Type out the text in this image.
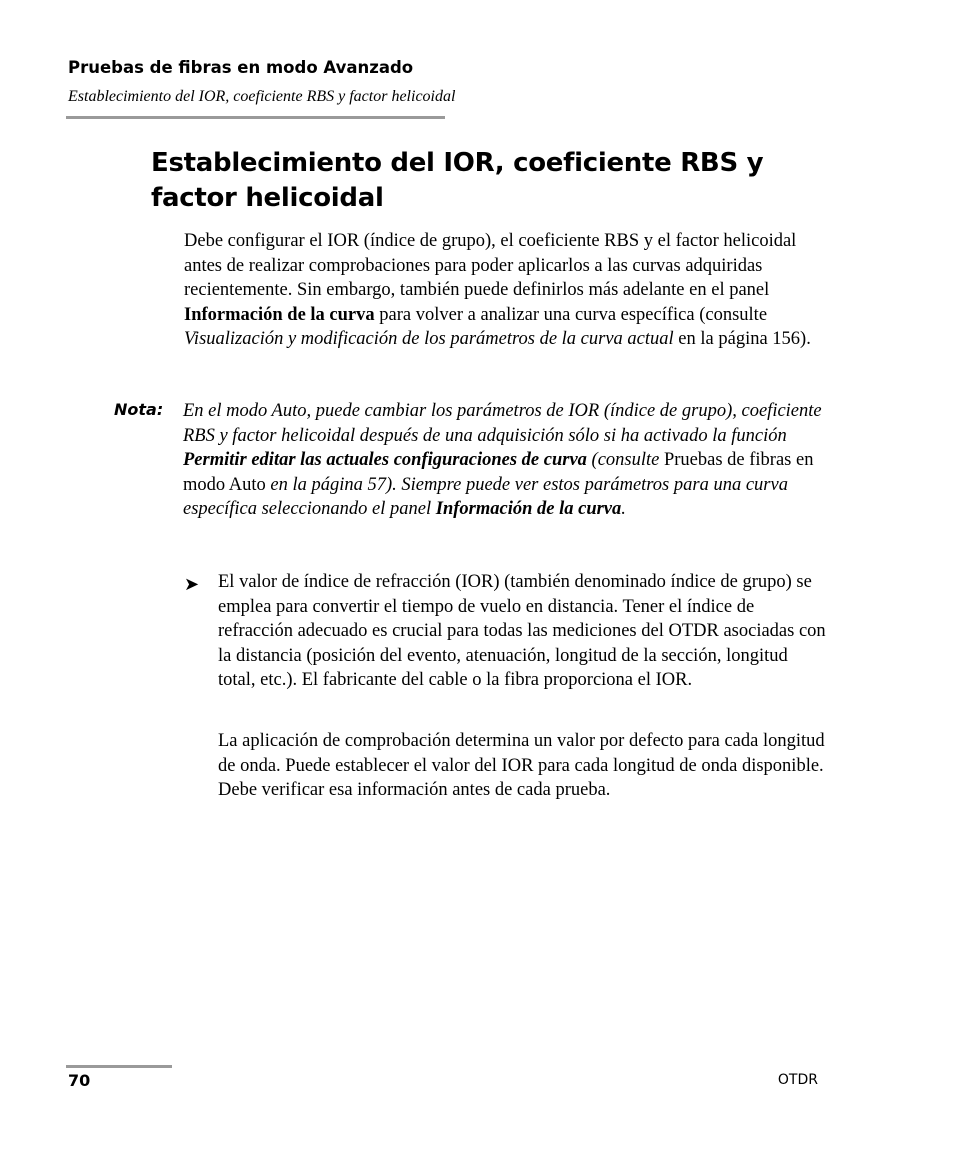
Pruebas de fibras en modo Avanzado
Establecimiento del IOR, coeficiente RBS y factor helicoidal
Establecimiento del IOR, coeficiente RBS y factor helicoidal

Debe configurar el IOR (índice de grupo), el coeficiente RBS y el factor helicoidal antes de realizar comprobaciones para poder aplicarlos a las curvas adquiridas recientemente. Sin embargo, también puede definirlos más adelante en el panel Información de la curva para volver a analizar una curva específica (consulte Visualización y modificación de los parámetros de la curva actual en la página 156).

Nota: En el modo Auto, puede cambiar los parámetros de IOR (índice de grupo), coeficiente RBS y factor helicoidal después de una adquisición sólo si ha activado la función Permitir editar las actuales configuraciones de curva (consulte Pruebas de fibras en modo Auto en la página 57). Siempre puede ver estos parámetros para una curva específica seleccionando el panel Información de la curva.

➤ El valor de índice de refracción (IOR) (también denominado índice de grupo) se emplea para convertir el tiempo de vuelo en distancia. Tener el índice de refracción adecuado es crucial para todas las mediciones del OTDR asociadas con la distancia (posición del evento, atenuación, longitud de la sección, longitud total, etc.). El fabricante del cable o la fibra proporciona el IOR.

La aplicación de comprobación determina un valor por defecto para cada longitud de onda. Puede establecer el valor del IOR para cada longitud de onda disponible. Debe verificar esa información antes de cada prueba.

70	OTDR
